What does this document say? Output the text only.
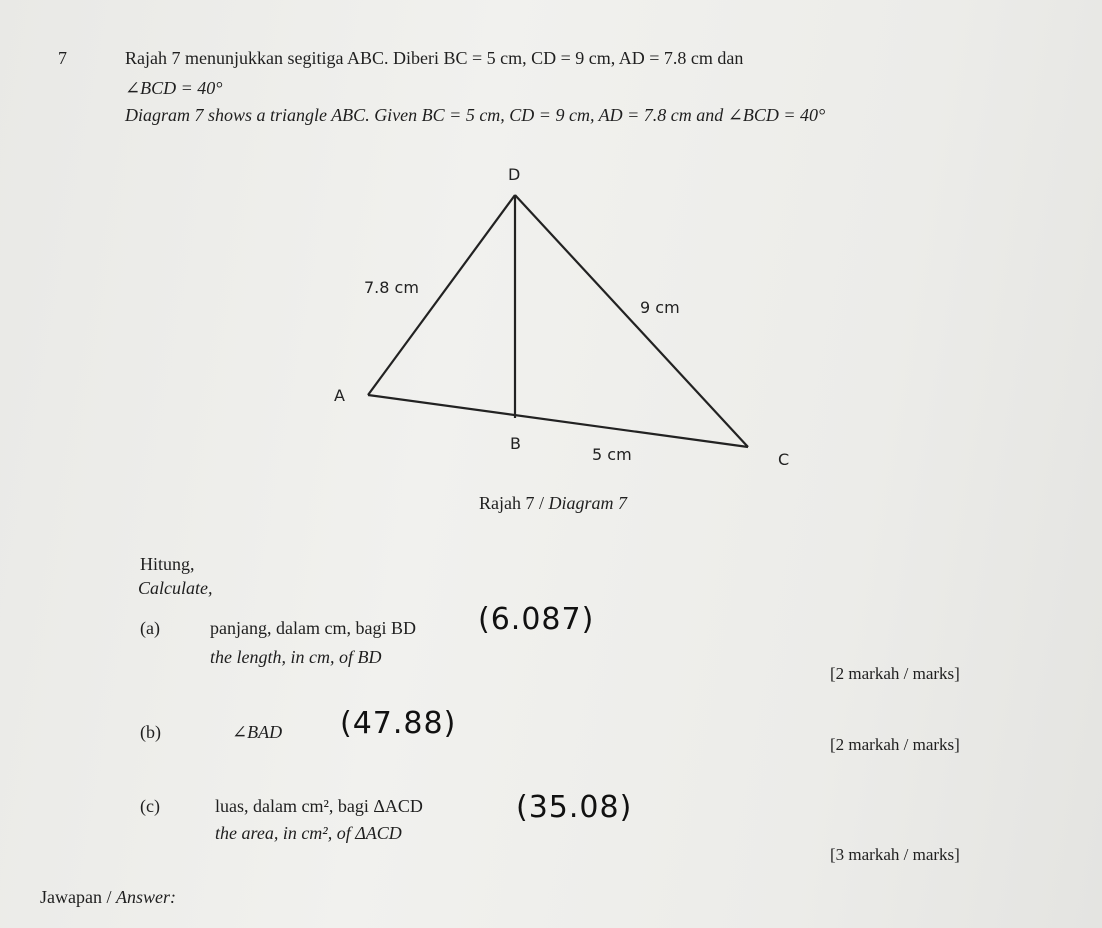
7	Rajah 7 menunjukkan segitiga ABC. Diberi BC = 5 cm, CD = 9 cm, AD = 7.8 cm dan
∠BCD = 40°
Diagram 7 shows a triangle ABC. Given BC = 5 cm, CD = 9 cm, AD = 7.8 cm and ∠BCD = 40°
D
A
B
C
7.8 cm
9 cm
5 cm
Rajah 7 / Diagram 7
Hitung,
Calculate,
(a)	panjang, dalam cm, bagi BD
the length, in cm, of BD
(6.087)
[2 markah / marks]
(b)	∠BAD (47.88)
[2 markah / marks]
(c)	luas, dalam cm², bagi ΔACD
the area, in cm², of ΔACD
(35.08)
[3 markah / marks]
Jawapan / Answer:
